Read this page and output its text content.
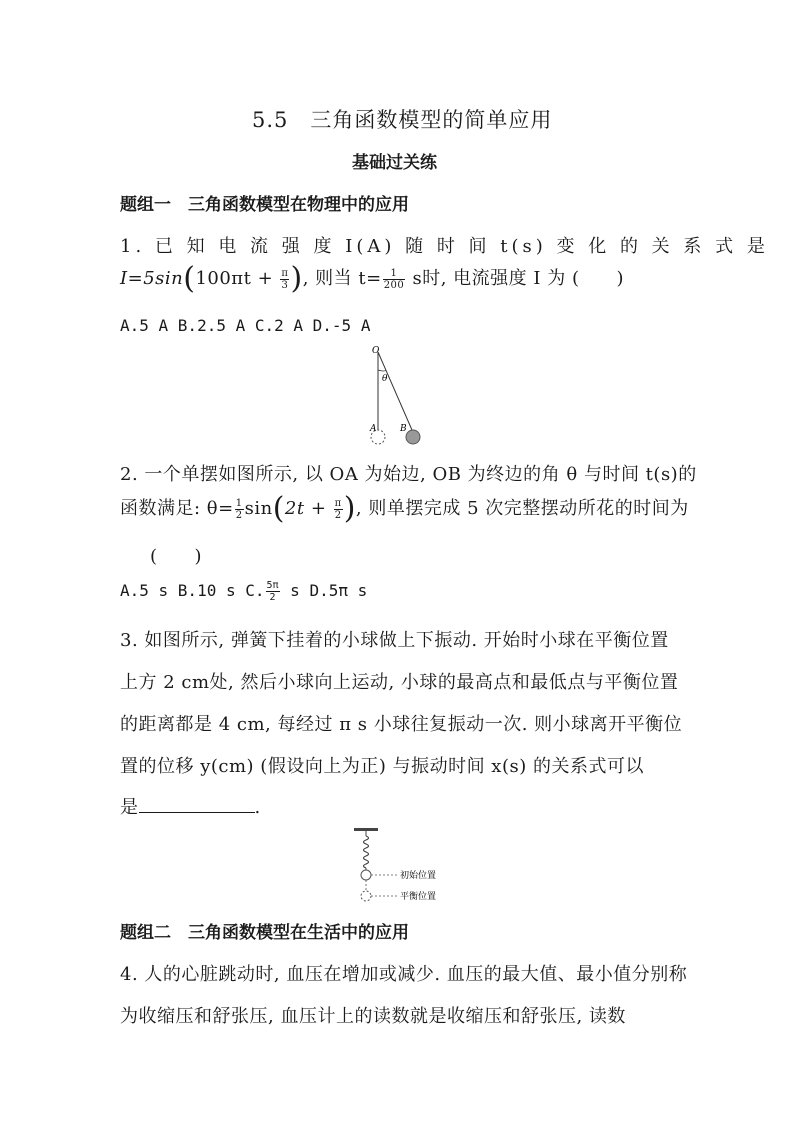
5.5　三角函数模型的简单应用
基础过关练
题组一　三角函数模型在物理中的应用
1. 已 知 电 流 强 度 I(A) 随 时 间 t(s) 变 化 的 关 系 式 是
$I=5\sin(100\pi t + \frac{\pi}{3}$ ), 则当 $t= \frac{1}{200}$ s时, 电流强度 I 为 (　　)
A.5 A B.2.5 A C.2 A D.-5 A
O
θ
A	B
2. 一个单摆如图所示, 以 OA 为始边, OB 为终边的角 θ 与时间 t(s)的
函数满足: $\theta= \frac{1}{2} \sin(2t + \frac{\pi}{2}$ ), 则单摆完成 5 次完整摆动所花的时间为
(　　)
A.5 s B.10 s C. $\frac{5\pi}{2}$ s D.5π s
3. 如图所示, 弹簧下挂着的小球做上下振动. 开始时小球在平衡位置
上方 2 cm处, 然后小球向上运动, 小球的最高点和最低点与平衡位置
的距离都是 4 cm, 每经过 π s 小球往复振动一次. 则小球离开平衡位
置的位移 y(cm) (假设向上为正) 与振动时间 x(s) 的关系式可以
是	.
初始位置
平衡位置
题组二　三角函数模型在生活中的应用
4. 人的心脏跳动时, 血压在增加或减少. 血压的最大值、最小值分别称
为收缩压和舒张压, 血压计上的读数就是收缩压和舒张压, 读数
